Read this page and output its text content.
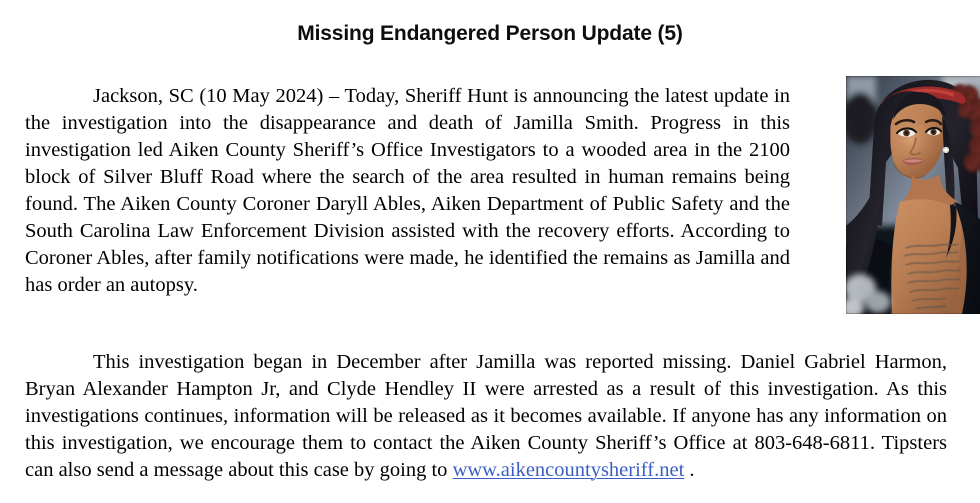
Missing Endangered Person Update (5)

Jackson, SC (10 May 2024) – Today, Sheriff Hunt is announcing the latest update in the investigation into the disappearance and death of Jamilla Smith. Progress in this investigation led Aiken County Sheriff’s Office Investigators to a wooded area in the 2100 block of Silver Bluff Road where the search of the area resulted in human remains being found. The Aiken County Coroner Daryll Ables, Aiken Department of Public Safety and the South Carolina Law Enforcement Division assisted with the recovery efforts. According to Coroner Ables, after family notifications were made, he identified the remains as Jamilla and has order an autopsy.

This investigation began in December after Jamilla was reported missing. Daniel Gabriel Harmon, Bryan Alexander Hampton Jr, and Clyde Hendley II were arrested as a result of this investigation. As this investigations continues, information will be released as it becomes available. If anyone has any information on this investigation, we encourage them to contact the Aiken County Sheriff’s Office at 803-648-6811. Tipsters can also send a message about this case by going to www.aikencountysheriff.net .
